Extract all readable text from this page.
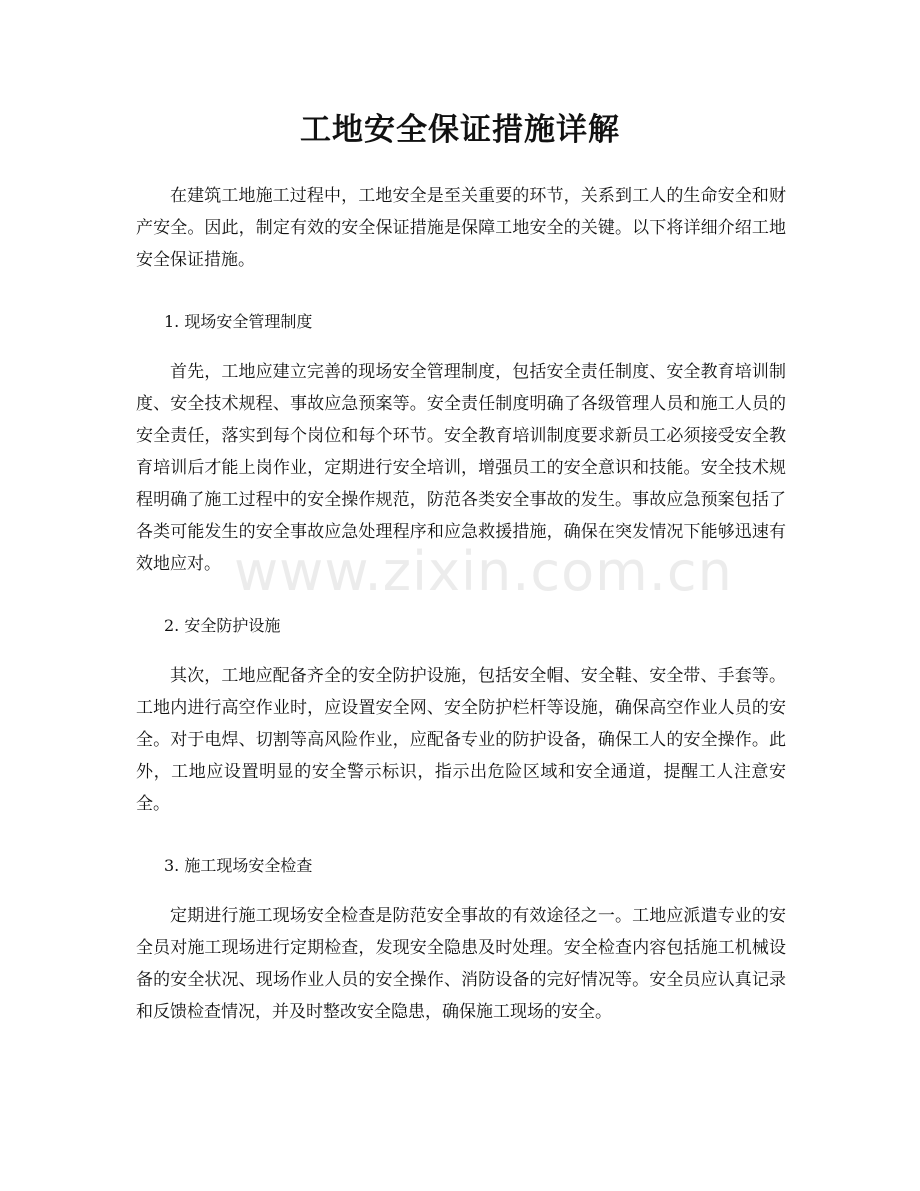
工地安全保证措施详解

在建筑工地施工过程中，工地安全是至关重要的环节，关系到工人的生命安全和财产安全。因此，制定有效的安全保证措施是保障工地安全的关键。以下将详细介绍工地安全保证措施。

1. 现场安全管理制度

首先，工地应建立完善的现场安全管理制度，包括安全责任制度、安全教育培训制度、安全技术规程、事故应急预案等。安全责任制度明确了各级管理人员和施工人员的安全责任，落实到每个岗位和每个环节。安全教育培训制度要求新员工必须接受安全教育培训后才能上岗作业，定期进行安全培训，增强员工的安全意识和技能。安全技术规程明确了施工过程中的安全操作规范，防范各类安全事故的发生。事故应急预案包括了各类可能发生的安全事故应急处理程序和应急救援措施，确保在突发情况下能够迅速有效地应对。

2. 安全防护设施

其次，工地应配备齐全的安全防护设施，包括安全帽、安全鞋、安全带、手套等。工地内进行高空作业时，应设置安全网、安全防护栏杆等设施，确保高空作业人员的安全。对于电焊、切割等高风险作业，应配备专业的防护设备，确保工人的安全操作。此外，工地应设置明显的安全警示标识，指示出危险区域和安全通道，提醒工人注意安全。

3. 施工现场安全检查

定期进行施工现场安全检查是防范安全事故的有效途径之一。工地应派遣专业的安全员对施工现场进行定期检查，发现安全隐患及时处理。安全检查内容包括施工机械设备的安全状况、现场作业人员的安全操作、消防设备的完好情况等。安全员应认真记录和反馈检查情况，并及时整改安全隐患，确保施工现场的安全。

www.zixin.com.cn
